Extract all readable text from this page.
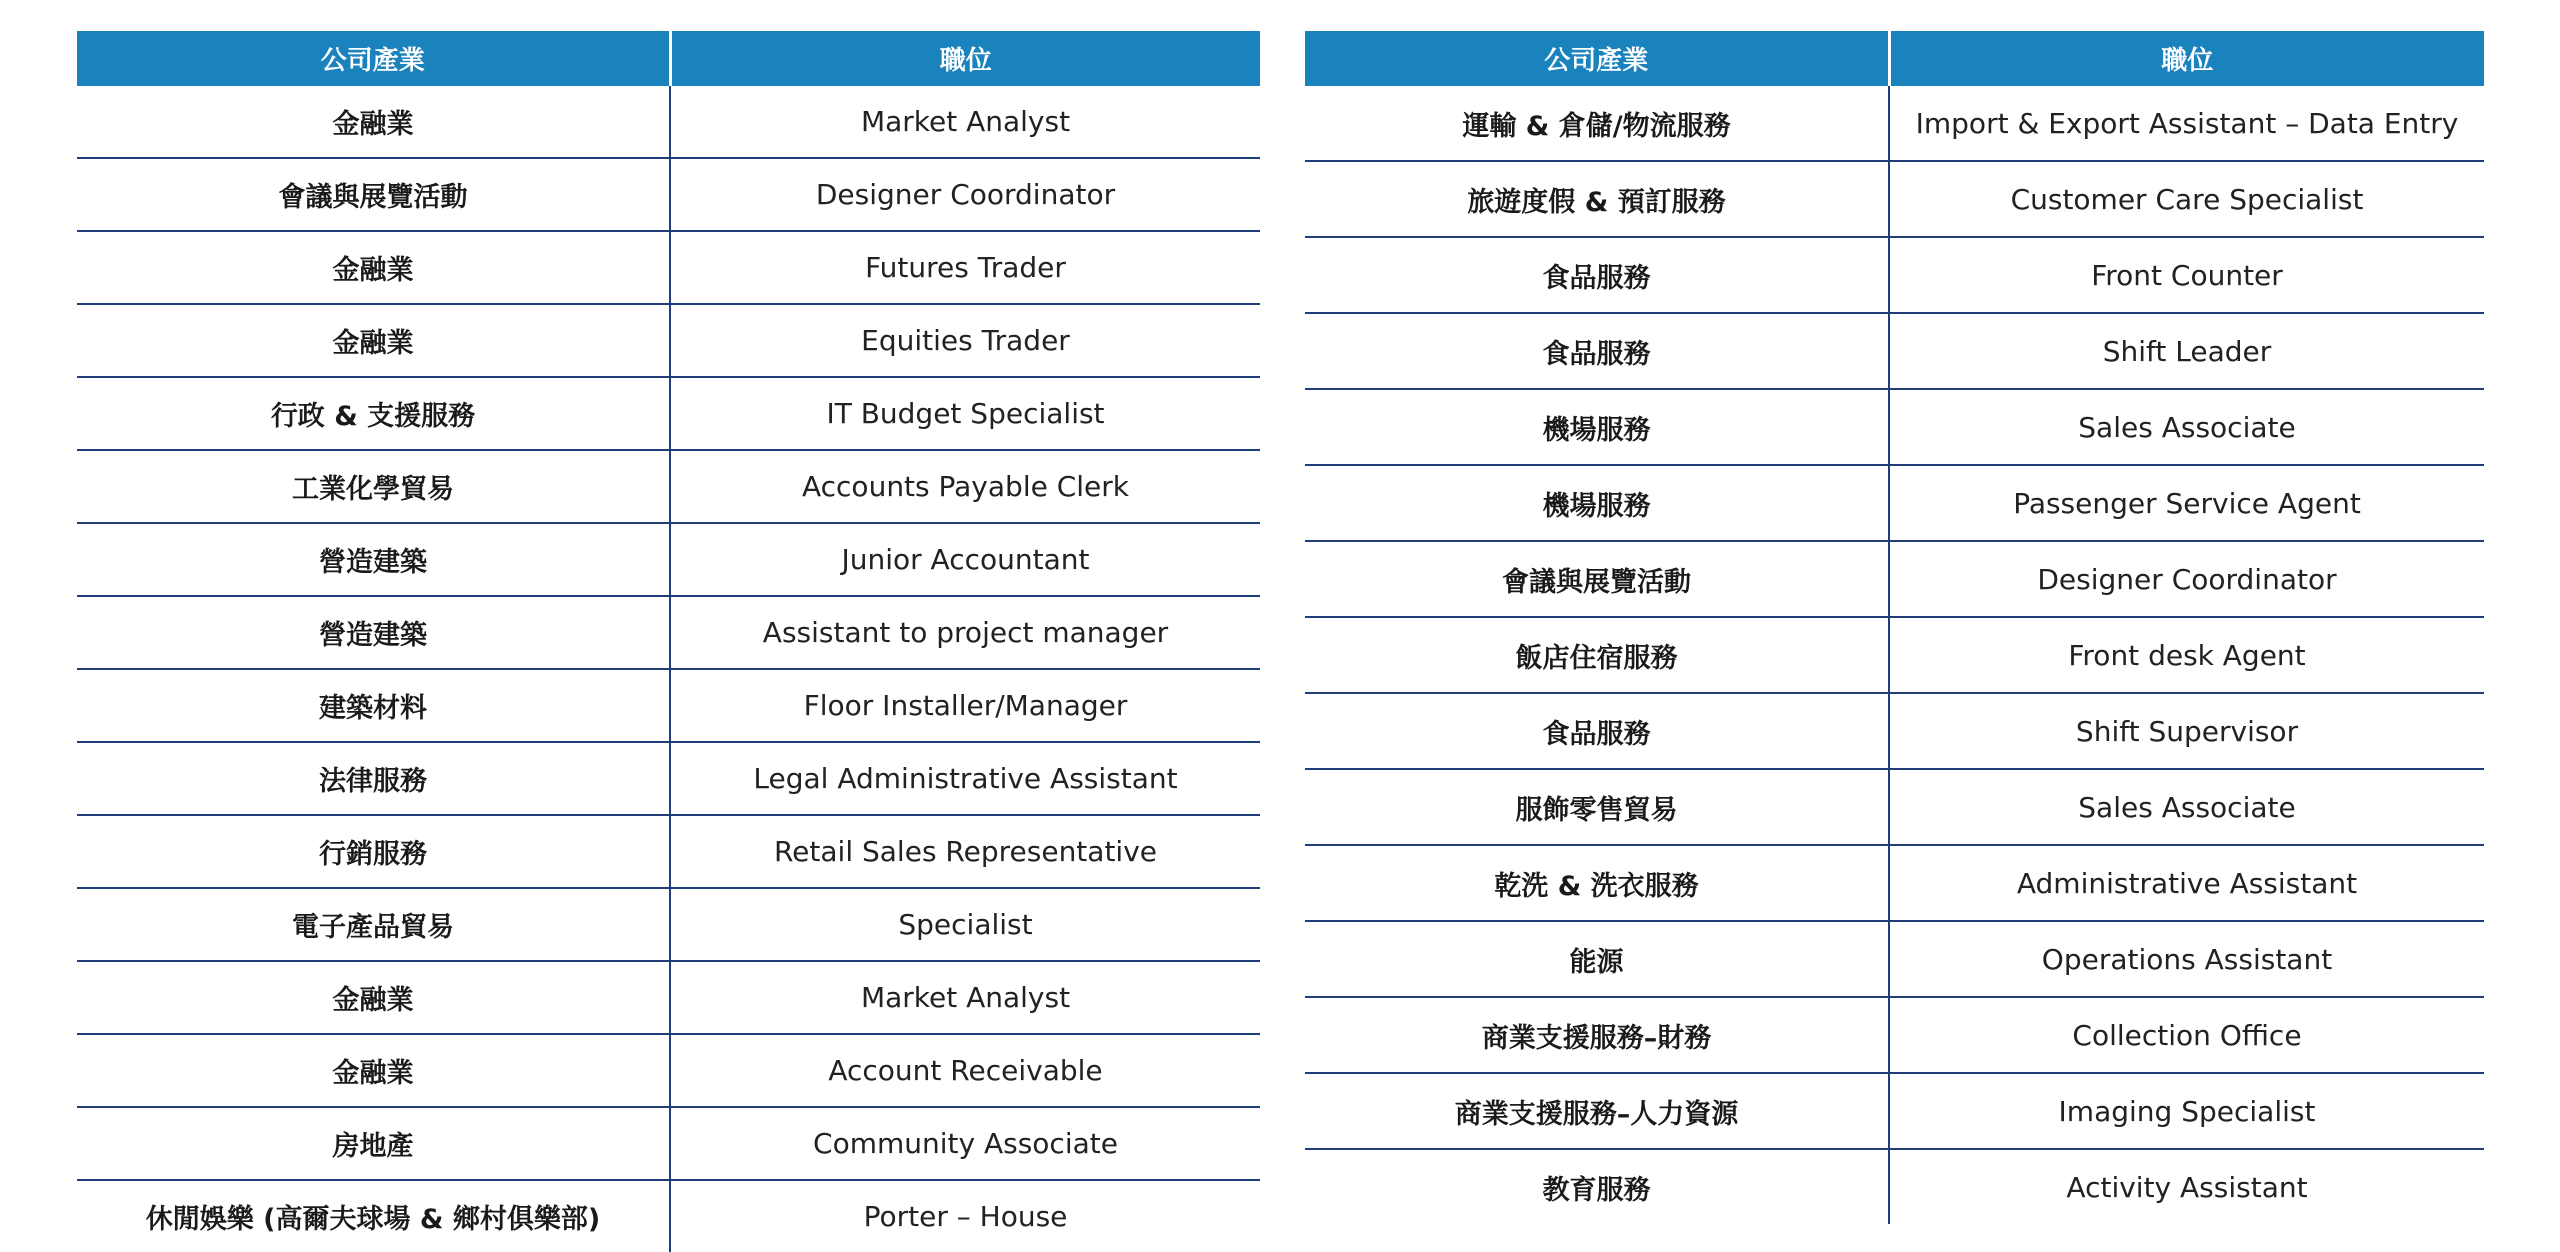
公司產業	職位
金融業	Market Analyst
會議與展覽活動	Designer Coordinator
金融業	Futures Trader
金融業	Equities Trader
行政 & 支援服務	IT Budget Specialist
工業化學貿易	Accounts Payable Clerk
營造建築	Junior Accountant
營造建築	Assistant to project manager
建築材料	Floor Installer/Manager
法律服務	Legal Administrative Assistant
行銷服務	Retail Sales Representative
電子產品貿易	Specialist
金融業	Market Analyst
金融業	Account Receivable
房地產	Community Associate
休閒娛樂 (高爾夫球場 & 鄉村俱樂部)	Porter – House
公司產業	職位
運輸 & 倉儲/物流服務	Import & Export Assistant – Data Entry
旅遊度假 & 預訂服務	Customer Care Specialist
食品服務	Front Counter
食品服務	Shift Leader
機場服務	Sales Associate
機場服務	Passenger Service Agent
會議與展覽活動	Designer Coordinator
飯店住宿服務	Front desk Agent
食品服務	Shift Supervisor
服飾零售貿易	Sales Associate
乾洗 & 洗衣服務	Administrative Assistant
能源	Operations Assistant
商業支援服務–財務	Collection Office
商業支援服務–人力資源	Imaging Specialist
教育服務	Activity Assistant
